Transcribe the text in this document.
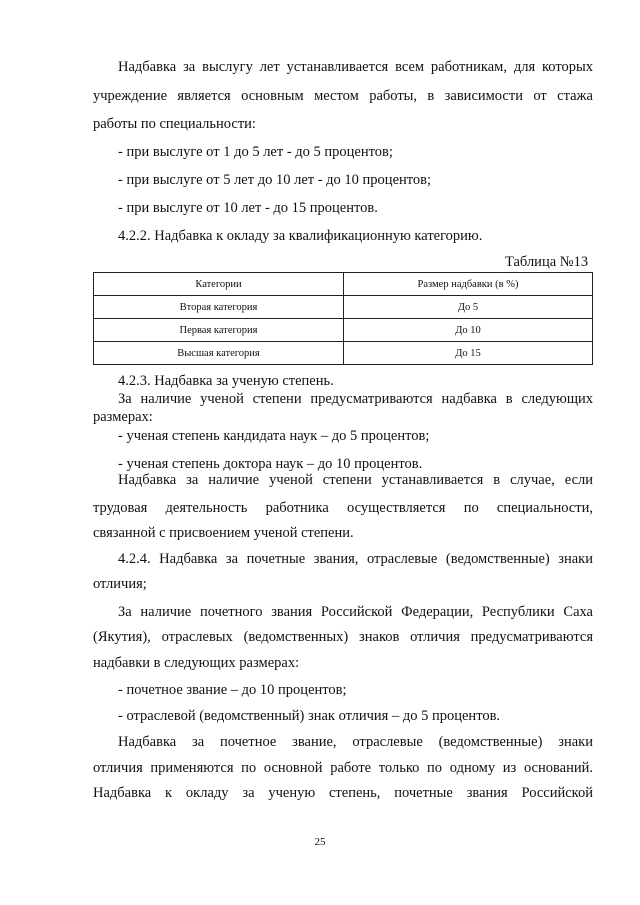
Надбавка за выслугу лет устанавливается всем работникам, для которых
учреждение является основным местом работы, в зависимости от стажа
работы по специальности:
- при выслуге от 1 до 5 лет - до 5 процентов;
- при выслуге от 5 лет до 10 лет - до 10 процентов;
- при выслуге от 10 лет - до 15 процентов.
4.2.2. Надбавка к окладу за квалификационную категорию.
Таблица №13
Категории	Размер надбавки (в %)
Вторая категория	До 5
Первая категория	До 10
Высшая категория	До 15
4.2.3. Надбавка за ученую степень.
За наличие ученой степени предусматриваются надбавка в следующих
размерах:
- ученая степень кандидата наук – до 5 процентов;
- ученая степень доктора наук – до 10 процентов.
Надбавка за наличие ученой степени устанавливается в случае, если
трудовая деятельность работника осуществляется по специальности,
связанной с присвоением ученой степени.
4.2.4. Надбавка за почетные звания, отраслевые (ведомственные) знаки
отличия;
За наличие почетного звания Российской Федерации, Республики Саха
(Якутия), отраслевых (ведомственных) знаков отличия предусматриваются
надбавки в следующих размерах:
- почетное звание – до 10 процентов;
- отраслевой (ведомственный) знак отличия – до 5 процентов.
Надбавка за почетное звание, отраслевые (ведомственные) знаки
отличия применяются по основной работе только по одному из оснований.
Надбавка к окладу за ученую степень, почетные звания Российской
25
